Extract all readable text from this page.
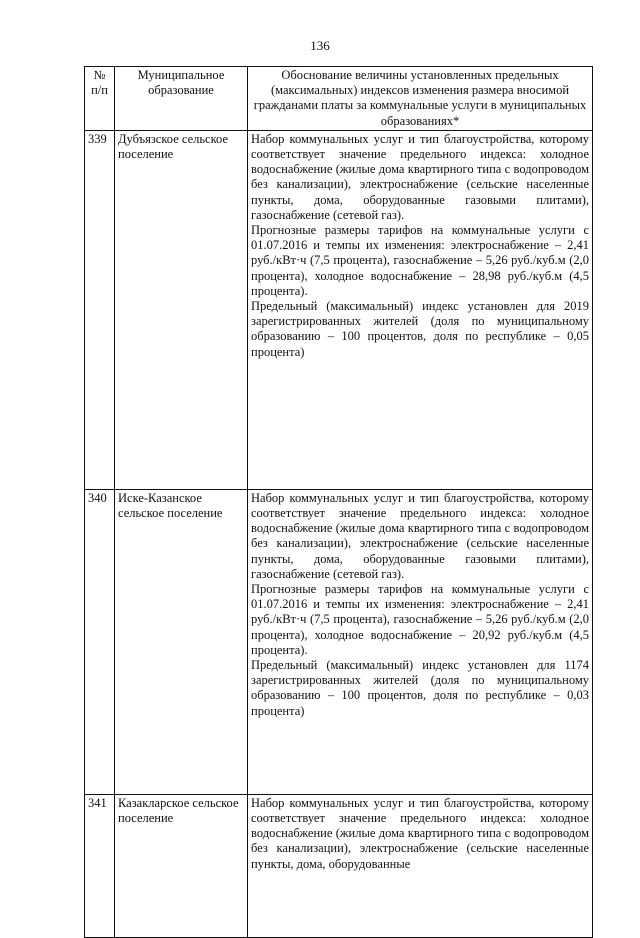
136
№ п/п	Муниципальное образование	Обоснование величины установленных предельных (максимальных) индексов изменения размера вносимой гражданами платы за коммунальные услуги в муниципальных образованиях*
339	Дубъязское сельское поселение	Набор коммунальных услуг и тип благоустройства, которому соответствует значение предельного индекса: холодное водоснабжение (жилые дома квартирного типа с водопроводом без канализации), электроснабжение (сельские населенные пункты, дома, оборудованные газовыми плитами), газоснабжение (сетевой газ).

Прогнозные размеры тарифов на коммунальные услуги с 01.07.2016 и темпы их изменения: электроснабжение – 2,41 руб./кВт·ч (7,5 процента), газоснабжение – 5,26 руб./куб.м (2,0 процента), холодное водоснабжение – 28,98 руб./куб.м (4,5 процента).

Предельный (максимальный) индекс установлен для 2019 зарегистрированных жителей (доля по муниципальному образованию – 100 процентов, доля по республике – 0,05 процента)

340	Иске-Казанское сельское поселение	Набор коммунальных услуг и тип благоустройства, которому соответствует значение предельного индекса: холодное водоснабжение (жилые дома квартирного типа с водопроводом без канализации), электроснабжение (сельские населенные пункты, дома, оборудованные газовыми плитами), газоснабжение (сетевой газ).

Прогнозные размеры тарифов на коммунальные услуги с 01.07.2016 и темпы их изменения: электроснабжение – 2,41 руб./кВт·ч (7,5 процента), газоснабжение – 5,26 руб./куб.м (2,0 процента), холодное водоснабжение – 20,92 руб./куб.м (4,5 процента).

Предельный (максимальный) индекс установлен для 1174 зарегистрированных жителей (доля по муниципальному образованию – 100 процентов, доля по республике – 0,03 процента)

341	Казакларское сельское поселение	Набор коммунальных услуг и тип благоустройства, которому соответствует значение предельного индекса: холодное водоснабжение (жилые дома квартирного типа с водопроводом без канализации), электроснабжение (сельские населенные пункты, дома, оборудованные
